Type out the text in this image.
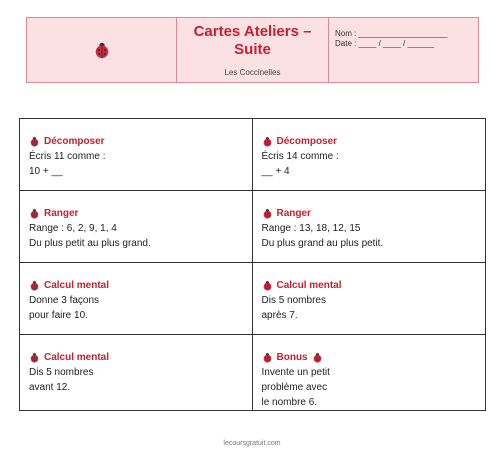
Cartes Ateliers –
Suite
Les Coccinelles
Nom : ____________________
Date : ____ / ____ / ______
Décomposer
Écris 11 comme :
10 + __
Décomposer
Écris 14 comme :
__ + 4
Ranger
Range : 6, 2, 9, 1, 4
Du plus petit au plus grand.
Ranger
Range : 13, 18, 12, 15
Du plus grand au plus petit.
Calcul mental
Donne 3 façons
pour faire 10.
Calcul mental
Dis 5 nombres
après 7.
Calcul mental
Dis 5 nombres
avant 12.
Bonus
Invente un petit
problème avec
le nombre 6.
lecoursgratuit.com
